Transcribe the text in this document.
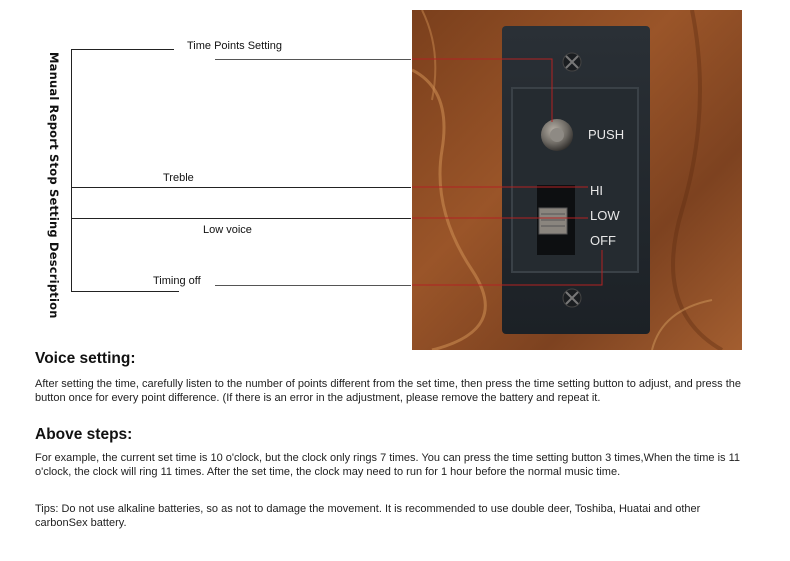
Manual Report Stop Setting Description
Time Points Setting
Treble
Low voice
Timing off
PUSH
HI
LOW
OFF
Voice setting:
After setting the time, carefully listen to the number of points different from the set time, then press the time setting button to adjust, and press the button once for every point difference. (If there is an error in the adjustment, please remove the battery and repeat it.
Above steps:
For example, the current set time is 10 o'clock, but the clock only rings 7 times. You can press the time setting button 3 times,When the time is 11 o'clock, the clock will ring 11 times. After the set time, the clock may need to run for 1 hour before the normal music time.
Tips: Do not use alkaline batteries, so as not to damage the movement. It is recommended to use double deer, Toshiba, Huatai and other carbonSex battery.
